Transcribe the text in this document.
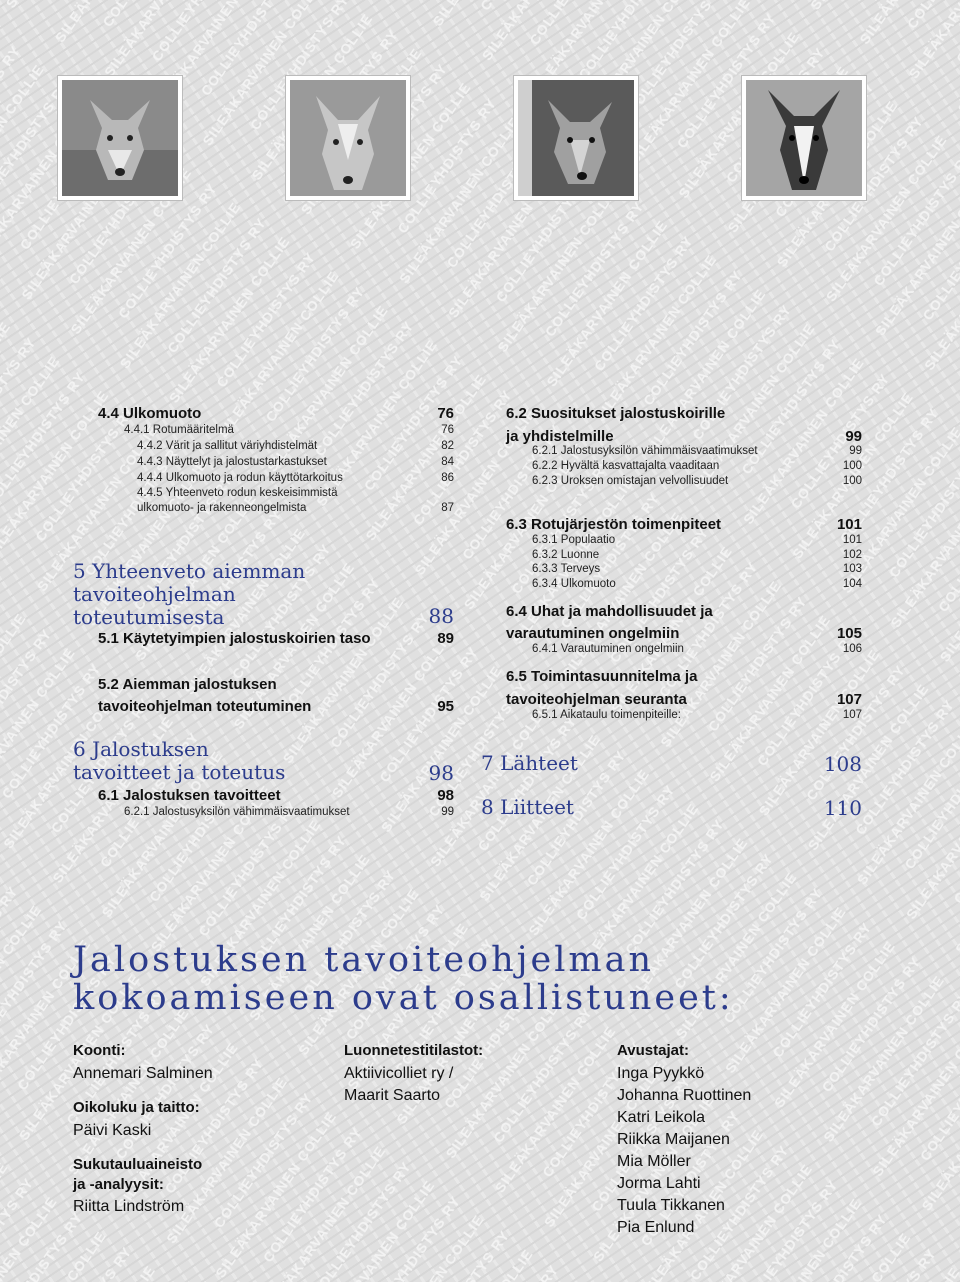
4.4 Ulkomuoto	76
4.4.1 Rotumääritelmä	76
4.4.2 Värit ja sallitut väriyhdistelmät	82
4.4.3 Näyttelyt ja jalostustarkastukset	84
4.4.4 Ulkomuoto ja rodun käyttötarkoitus	86
4.4.5 Yhteenveto rodun keskeisimmistä
ulkomuoto- ja rakenneongelmista	87
5 Yhteenveto aiemman
tavoiteohjelman
toteutumisesta	88
5.1 Käytetyimpien jalostuskoirien taso	89
5.2 Aiemman jalostuksen
tavoiteohjelman toteutuminen	95
6 Jalostuksen
tavoitteet ja toteutus	98
6.1 Jalostuksen tavoitteet	98
6.2.1 Jalostusyksilön vähimmäisvaatimukset	99
6.2 Suositukset jalostuskoirille
ja yhdistelmille	99
6.2.1 Jalostusyksilön vähimmäisvaatimukset	99
6.2.2 Hyvältä kasvattajalta vaaditaan	100
6.2.3 Uroksen omistajan velvollisuudet	100
6.3 Rotujärjestön toimenpiteet	101
6.3.1 Populaatio	101
6.3.2 Luonne	102
6.3.3 Terveys	103
6.3.4 Ulkomuoto	104
6.4 Uhat ja mahdollisuudet ja
varautuminen ongelmiin	105
6.4.1 Varautuminen ongelmiin	106
6.5 Toimintasuunnitelma ja
tavoiteohjelman seuranta	107
6.5.1 Aikataulu toimenpiteille:	107
7 Lähteet	108
8 Liitteet	110
Jalostuksen tavoiteohjelman
kokoamiseen ovat osallistuneet:
Koonti:
Annemari Salminen
Oikoluku ja taitto:
Päivi Kaski
Sukutauluaineisto
ja -analyysit:
Riitta Lindström
Luonnetestitilastot:
Aktiivicolliet ry /
Maarit Saarto
Avustajat:
Inga Pyykkö
Johanna Ruottinen
Katri Leikola
Riikka Maijanen
Mia Möller
Jorma Lahti
Tuula Tikkanen
Pia Enlund
